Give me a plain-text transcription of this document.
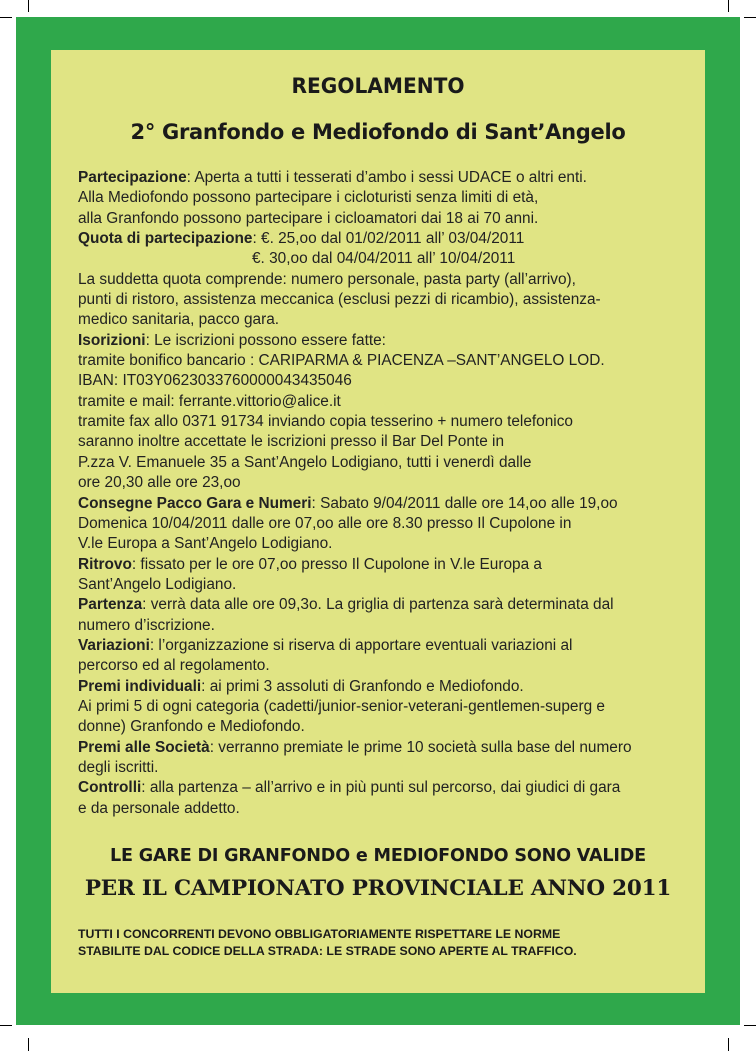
REGOLAMENTO
2° Granfondo e Mediofondo di Sant’Angelo
Partecipazione: Aperta a tutti i tesserati d’ambo i sessi UDACE o altri enti.
Alla Mediofondo possono partecipare i cicloturisti senza limiti di età,
alla Granfondo possono partecipare i cicloamatori dai 18 ai 70 anni.
Quota di partecipazione: €. 25,oo dal 01/02/2011 all’ 03/04/2011
€. 30,oo dal 04/04/2011 all’ 10/04/2011
La suddetta quota comprende: numero personale, pasta party (all’arrivo),
punti di ristoro, assistenza meccanica (esclusi pezzi di ricambio), assistenza-
medico sanitaria, pacco gara.
Isorizioni: Le iscrizioni possono essere fatte:
tramite bonifico bancario : CARIPARMA & PIACENZA –SANT’ANGELO LOD.
IBAN: IT03Y0623033760000043435046
tramite e mail: ferrante.vittorio@alice.it
tramite fax allo 0371 91734 inviando copia tesserino + numero telefonico
saranno inoltre accettate le iscrizioni presso il Bar Del Ponte in
P.zza V. Emanuele 35 a Sant’Angelo Lodigiano, tutti i venerdì dalle
ore 20,30 alle ore 23,oo
Consegne Pacco Gara e Numeri: Sabato 9/04/2011 dalle ore 14,oo alle 19,oo
Domenica 10/04/2011 dalle ore 07,oo alle ore 8.30 presso Il Cupolone in
V.le Europa a Sant’Angelo Lodigiano.
Ritrovo: fissato per le ore 07,oo presso Il Cupolone in V.le Europa a
Sant’Angelo Lodigiano.
Partenza: verrà data alle ore 09,3o. La griglia di partenza sarà determinata dal
numero d’iscrizione.
Variazioni: l’organizzazione si riserva di apportare eventuali variazioni al
percorso ed al regolamento.
Premi individuali: ai primi 3 assoluti di Granfondo e Mediofondo.
Ai primi 5 di ogni categoria (cadetti/junior-senior-veterani-gentlemen-superg e
donne) Granfondo e Mediofondo.
Premi alle Società: verranno premiate le prime 10 società sulla base del numero
degli iscritti.
Controlli: alla partenza – all’arrivo e in più punti sul percorso, dai giudici di gara
e da personale addetto.
LE GARE DI GRANFONDO e MEDIOFONDO SONO VALIDE
PER IL CAMPIONATO PROVINCIALE ANNO 2011
TUTTI I CONCORRENTI DEVONO OBBLIGATORIAMENTE RISPETTARE LE NORME
STABILITE DAL CODICE DELLA STRADA: LE STRADE SONO APERTE AL TRAFFICO.
